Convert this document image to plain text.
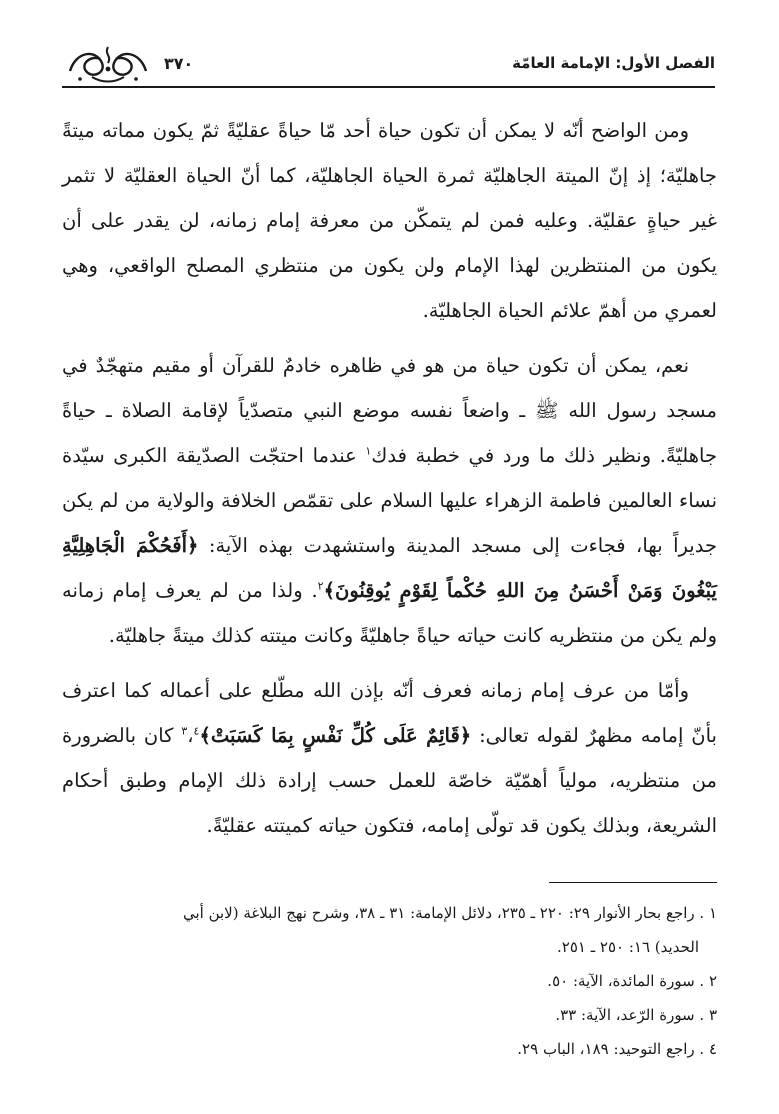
الفصل الأول: الإمامة العامّة
٣٧٠

ومن الواضح أنّه لا يمكن أن تكون حياة أحد مّا حياةً عقليّةً ثمّ يكون مماته ميتةً جاهليّة؛ إذ إنّ الميتة الجاهليّة ثمرة الحياة الجاهليّة، كما أنّ الحياة العقليّة لا تثمر غير حياةٍ عقليّة. وعليه فمن لم يتمكّن من معرفة إمام زمانه، لن يقدر على أن يكون من المنتظرين لهذا الإمام ولن يكون من منتظري المصلح الواقعي، وهي لعمري من أهمّ علائم الحياة الجاهليّة.

نعم، يمكن أن تكون حياة من هو في ظاهره خادمٌ للقرآن أو مقيم متهجّدٌ في مسجد رسول الله ﷺ ـ واضعاً نفسه موضع النبي متصدّياً لإقامة الصلاة ـ حياةً جاهليّةً. ونظير ذلك ما ورد في خطبة فدك$^١$ عندما احتجّت الصدّيقة الكبرى سيّدة نساء العالمين فاطمة الزهراء عليها السلام على تقمّص الخلافة والولاية من لم يكن جديراً بها، فجاءت إلى مسجد المدينة واستشهدت بهذه الآية: ﴿أَفَحُكْمَ الْجَاهِلِيَّةِ يَبْغُونَ وَمَنْ أَحْسَنُ مِنَ اللهِ حُكْماً لِقَوْمٍ يُوقِنُونَ﴾$^٢$. ولذا من لم يعرف إمام زمانه ولم يكن من منتظريه كانت حياته حياةً جاهليّةً وكانت ميتته كذلك ميتةً جاهليّة.

وأمّا من عرف إمام زمانه فعرف أنّه بإذن الله مطّلع على أعماله كما اعترف بأنّ إمامه مظهرٌ لقوله تعالى: ﴿قَائِمٌ عَلَى كُلِّ نَفْسٍ بِمَا كَسَبَتْ﴾$^٣$،$^٤$ كان بالضرورة من منتظريه، مولياً أهمّيّة خاصّة للعمل حسب إرادة ذلك الإمام وطبق أحكام الشريعة، وبذلك يكون قد تولّى إمامه، فتكون حياته كميتته عقليّةً.

١ . راجع بحار الأنوار ٢٩: ٢٢٠ ـ ٢٣٥، دلائل الإمامة: ٣١ ـ ٣٨، وشرح نهج البلاغة (لابن أبي
الحديد) ١٦: ٢٥٠ ـ ٢٥١.
٢ . سورة المائدة، الآية: ٥٠.
٣ . سورة الرّعد، الآية: ٣٣.
٤ . راجع التوحيد: ١٨٩، الباب ٢٩.
